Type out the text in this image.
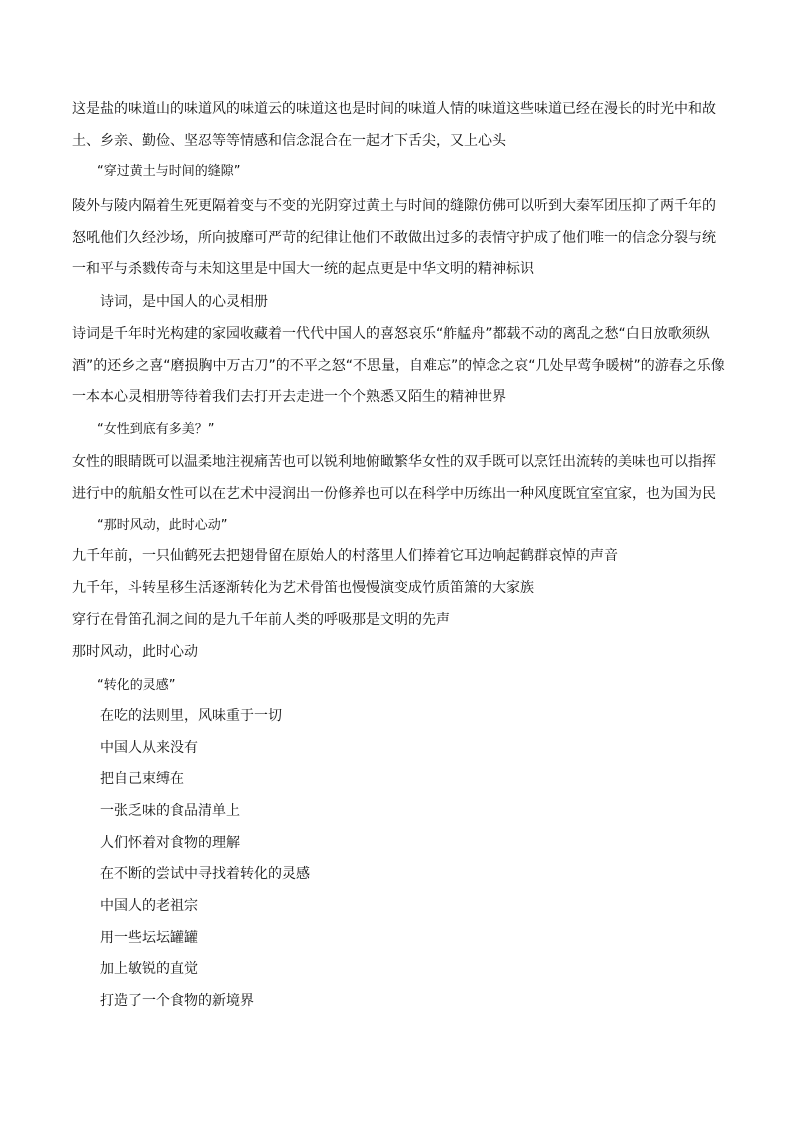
这是盐的味道山的味道风的味道云的味道这也是时间的味道人情的味道这些味道已经在漫长的时光中和故土、乡亲、勤俭、坚忍等等情感和信念混合在一起才下舌尖，又上心头

“穿过黄土与时间的缝隙”

陵外与陵内隔着生死更隔着变与不变的光阴穿过黄土与时间的缝隙仿佛可以听到大秦军团压抑了两千年的怒吼他们久经沙场，所向披靡可严苛的纪律让他们不敢做出过多的表情守护成了他们唯一的信念分裂与统一和平与杀戮传奇与未知这里是中国大一统的起点更是中华文明的精神标识

诗词，是中国人的心灵相册

诗词是千年时光构建的家园收藏着一代代中国人的喜怒哀乐“舴艋舟”都载不动的离乱之愁“白日放歌须纵酒”的还乡之喜“磨损胸中万古刀”的不平之怒“不思量，自难忘”的悼念之哀“几处早莺争暖树”的游春之乐像一本本心灵相册等待着我们去打开去走进一个个熟悉又陌生的精神世界

“女性到底有多美？”

女性的眼睛既可以温柔地注视痛苦也可以锐利地俯瞰繁华女性的双手既可以烹饪出流转的美味也可以指挥进行中的航船女性可以在艺术中浸润出一份修养也可以在科学中历练出一种风度既宜室宜家，也为国为民

“那时风动，此时心动”

九千年前，一只仙鹤死去把翅骨留在原始人的村落里人们捧着它耳边响起鹤群哀悼的声音

九千年，斗转星移生活逐渐转化为艺术骨笛也慢慢演变成竹质笛箫的大家族

穿行在骨笛孔洞之间的是九千年前人类的呼吸那是文明的先声

那时风动，此时心动

“转化的灵感”

在吃的法则里，风味重于一切

中国人从来没有

把自己束缚在

一张乏味的食品清单上

人们怀着对食物的理解

在不断的尝试中寻找着转化的灵感

中国人的老祖宗

用一些坛坛罐罐

加上敏锐的直觉

打造了一个食物的新境界
